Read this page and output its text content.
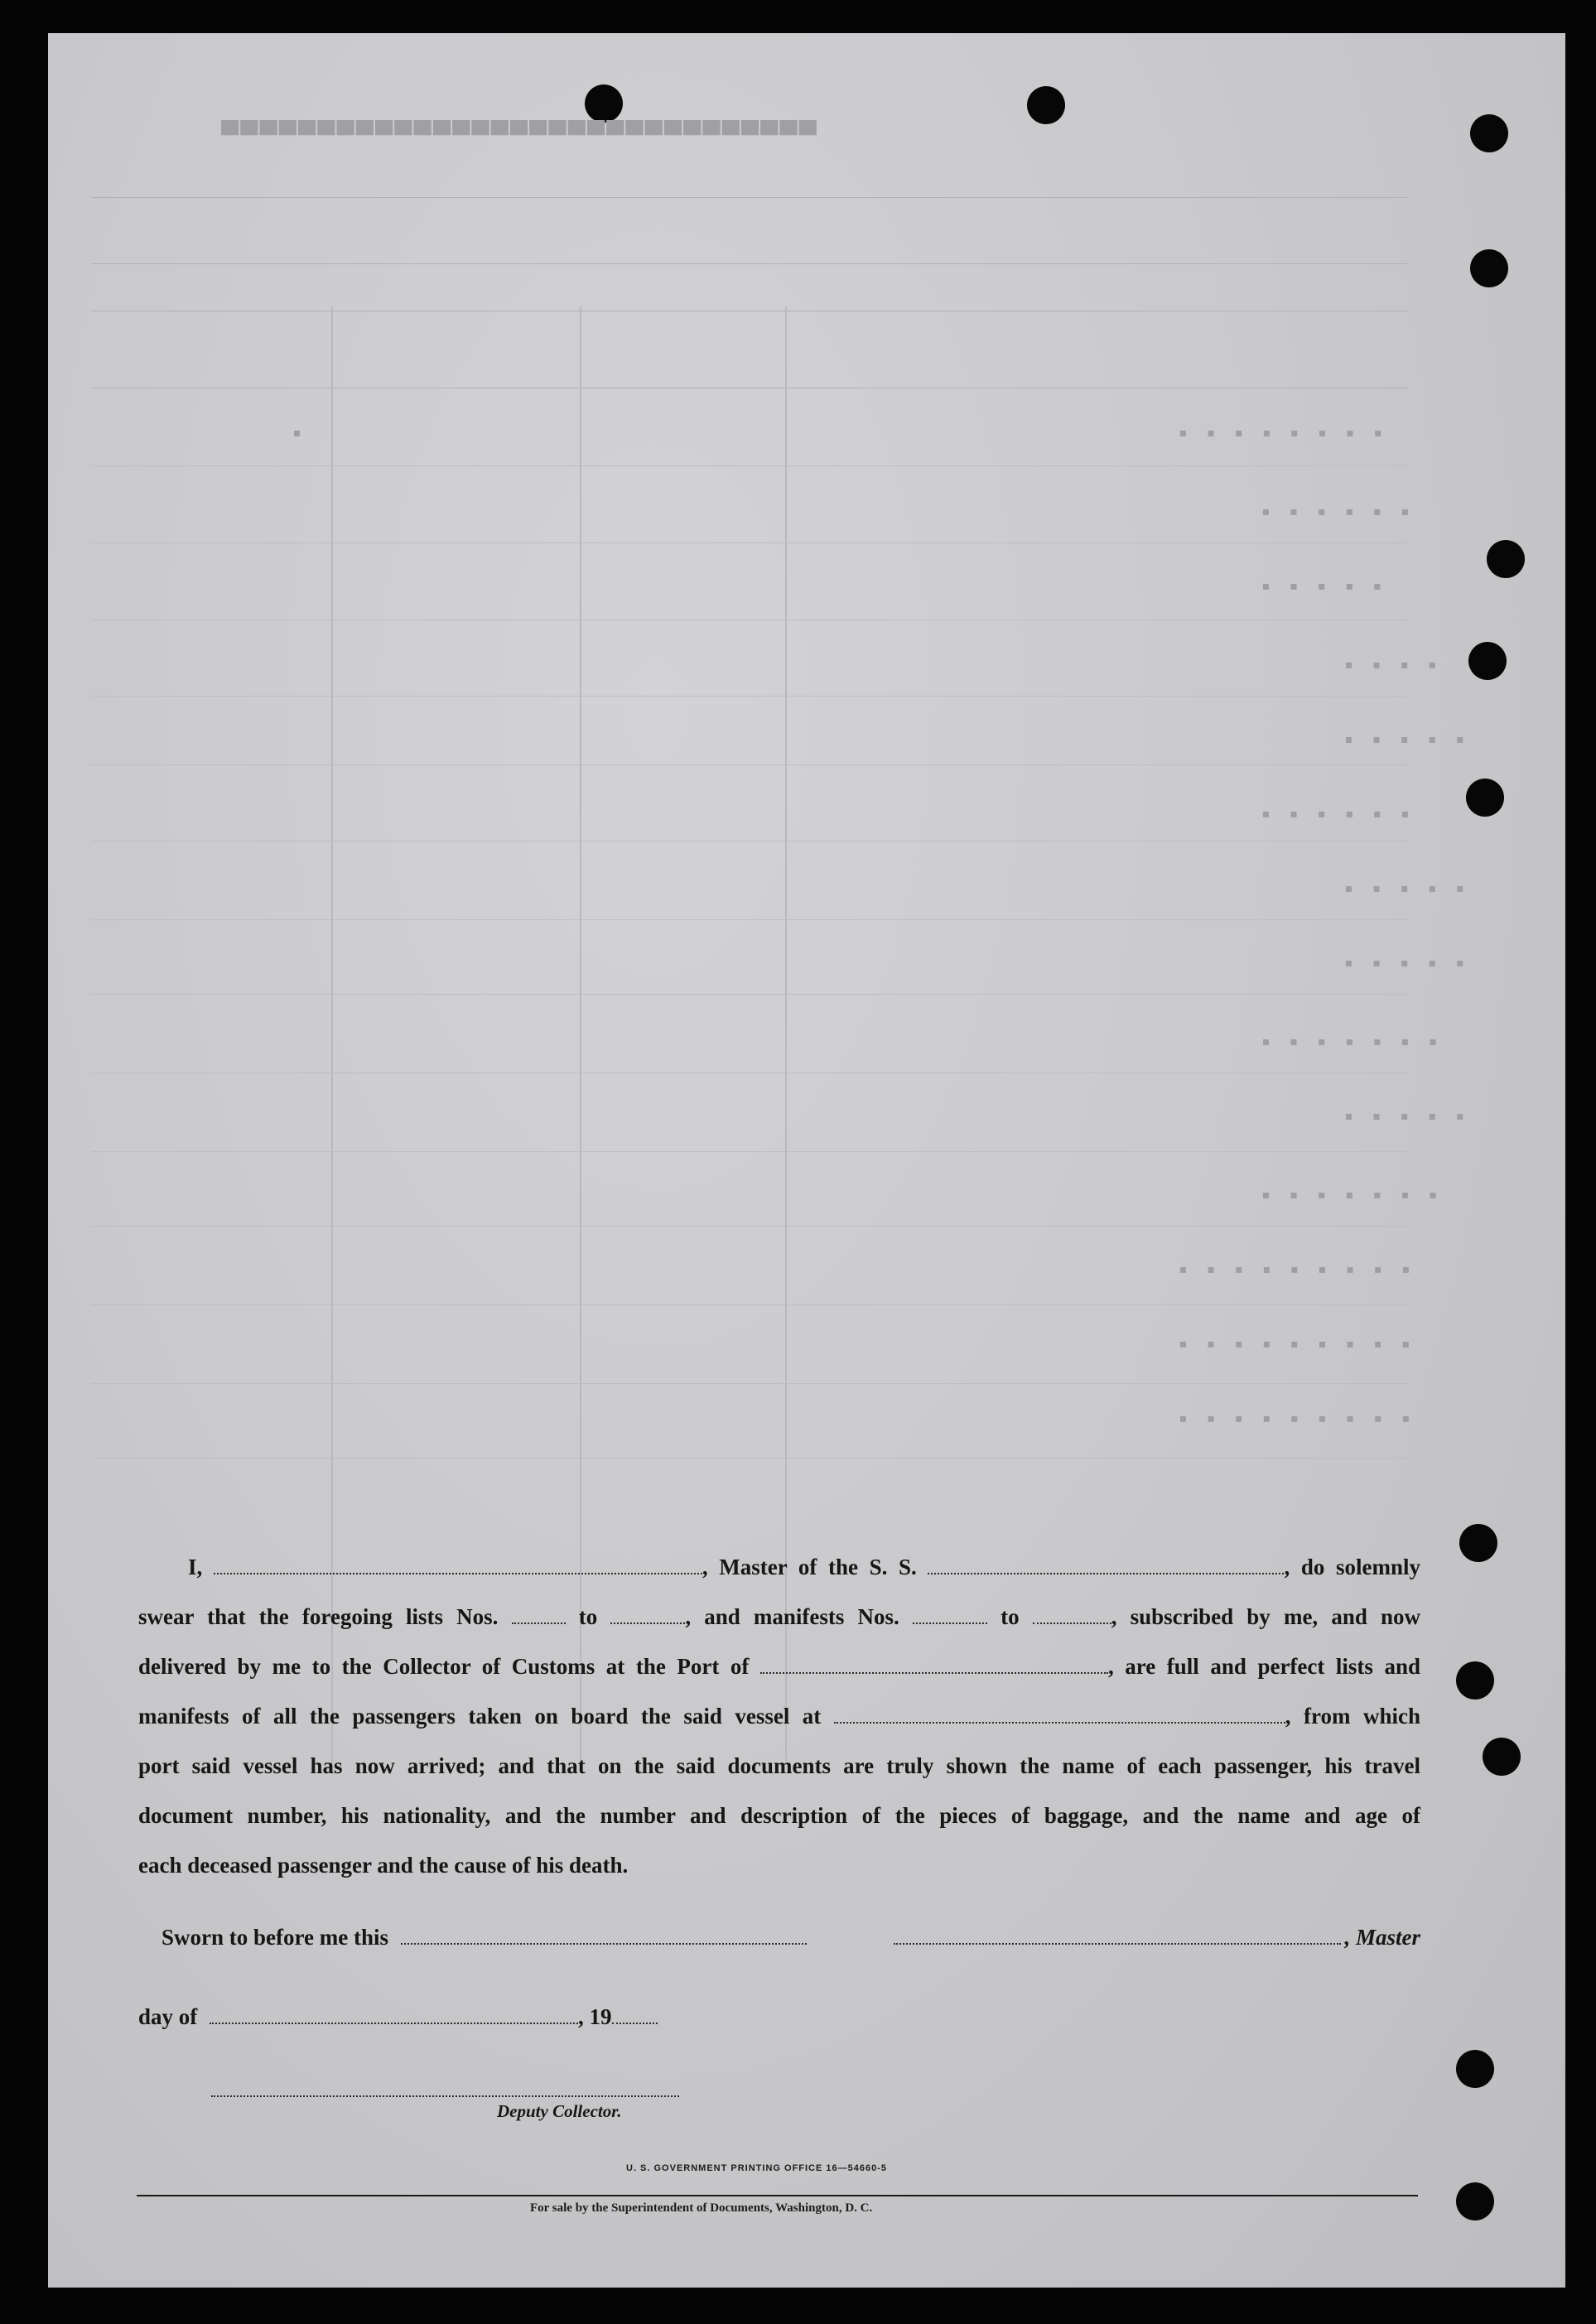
▀▀▀▀▀▀▀▀▀▀▀▀▀▀▀▀▀▀▀▀▀▀▀▀▀▀▀▀▀▀▀
▪	▪ ▪ ▪ ▪ ▪ ▪ ▪ ▪
▪ ▪ ▪ ▪ ▪ ▪
▪ ▪ ▪ ▪ ▪
▪ ▪ ▪ ▪
▪ ▪ ▪ ▪ ▪
▪ ▪ ▪ ▪ ▪ ▪
▪ ▪ ▪ ▪ ▪
▪ ▪ ▪ ▪ ▪
▪ ▪ ▪ ▪ ▪ ▪ ▪
▪ ▪ ▪ ▪ ▪
▪ ▪ ▪ ▪ ▪ ▪ ▪
▪ ▪ ▪ ▪ ▪ ▪ ▪ ▪ ▪
▪ ▪ ▪ ▪ ▪ ▪ ▪ ▪ ▪
▪ ▪ ▪ ▪ ▪ ▪ ▪ ▪ ▪

I,	, Master of the S. S.	, do solemnly

swear that the foregoing lists Nos.	to	, and manifests Nos.	to	, subscribed by me, and now

delivered by me to the Collector of Customs at the Port of	, are full and perfect lists and

manifests of all the passengers taken on board the said vessel at	, from which

port said vessel has now arrived; and that on the said documents are truly shown the name of each passenger, his travel

document number, his nationality, and the number and description of the pieces of baggage, and the name and age of

each deceased passenger and the cause of his death.

Sworn to before me this	, Master
day of	, 19
Deputy Collector.
U. S. GOVERNMENT PRINTING OFFICE 16—54660-5
For sale by the Superintendent of Documents, Washington, D. C.
